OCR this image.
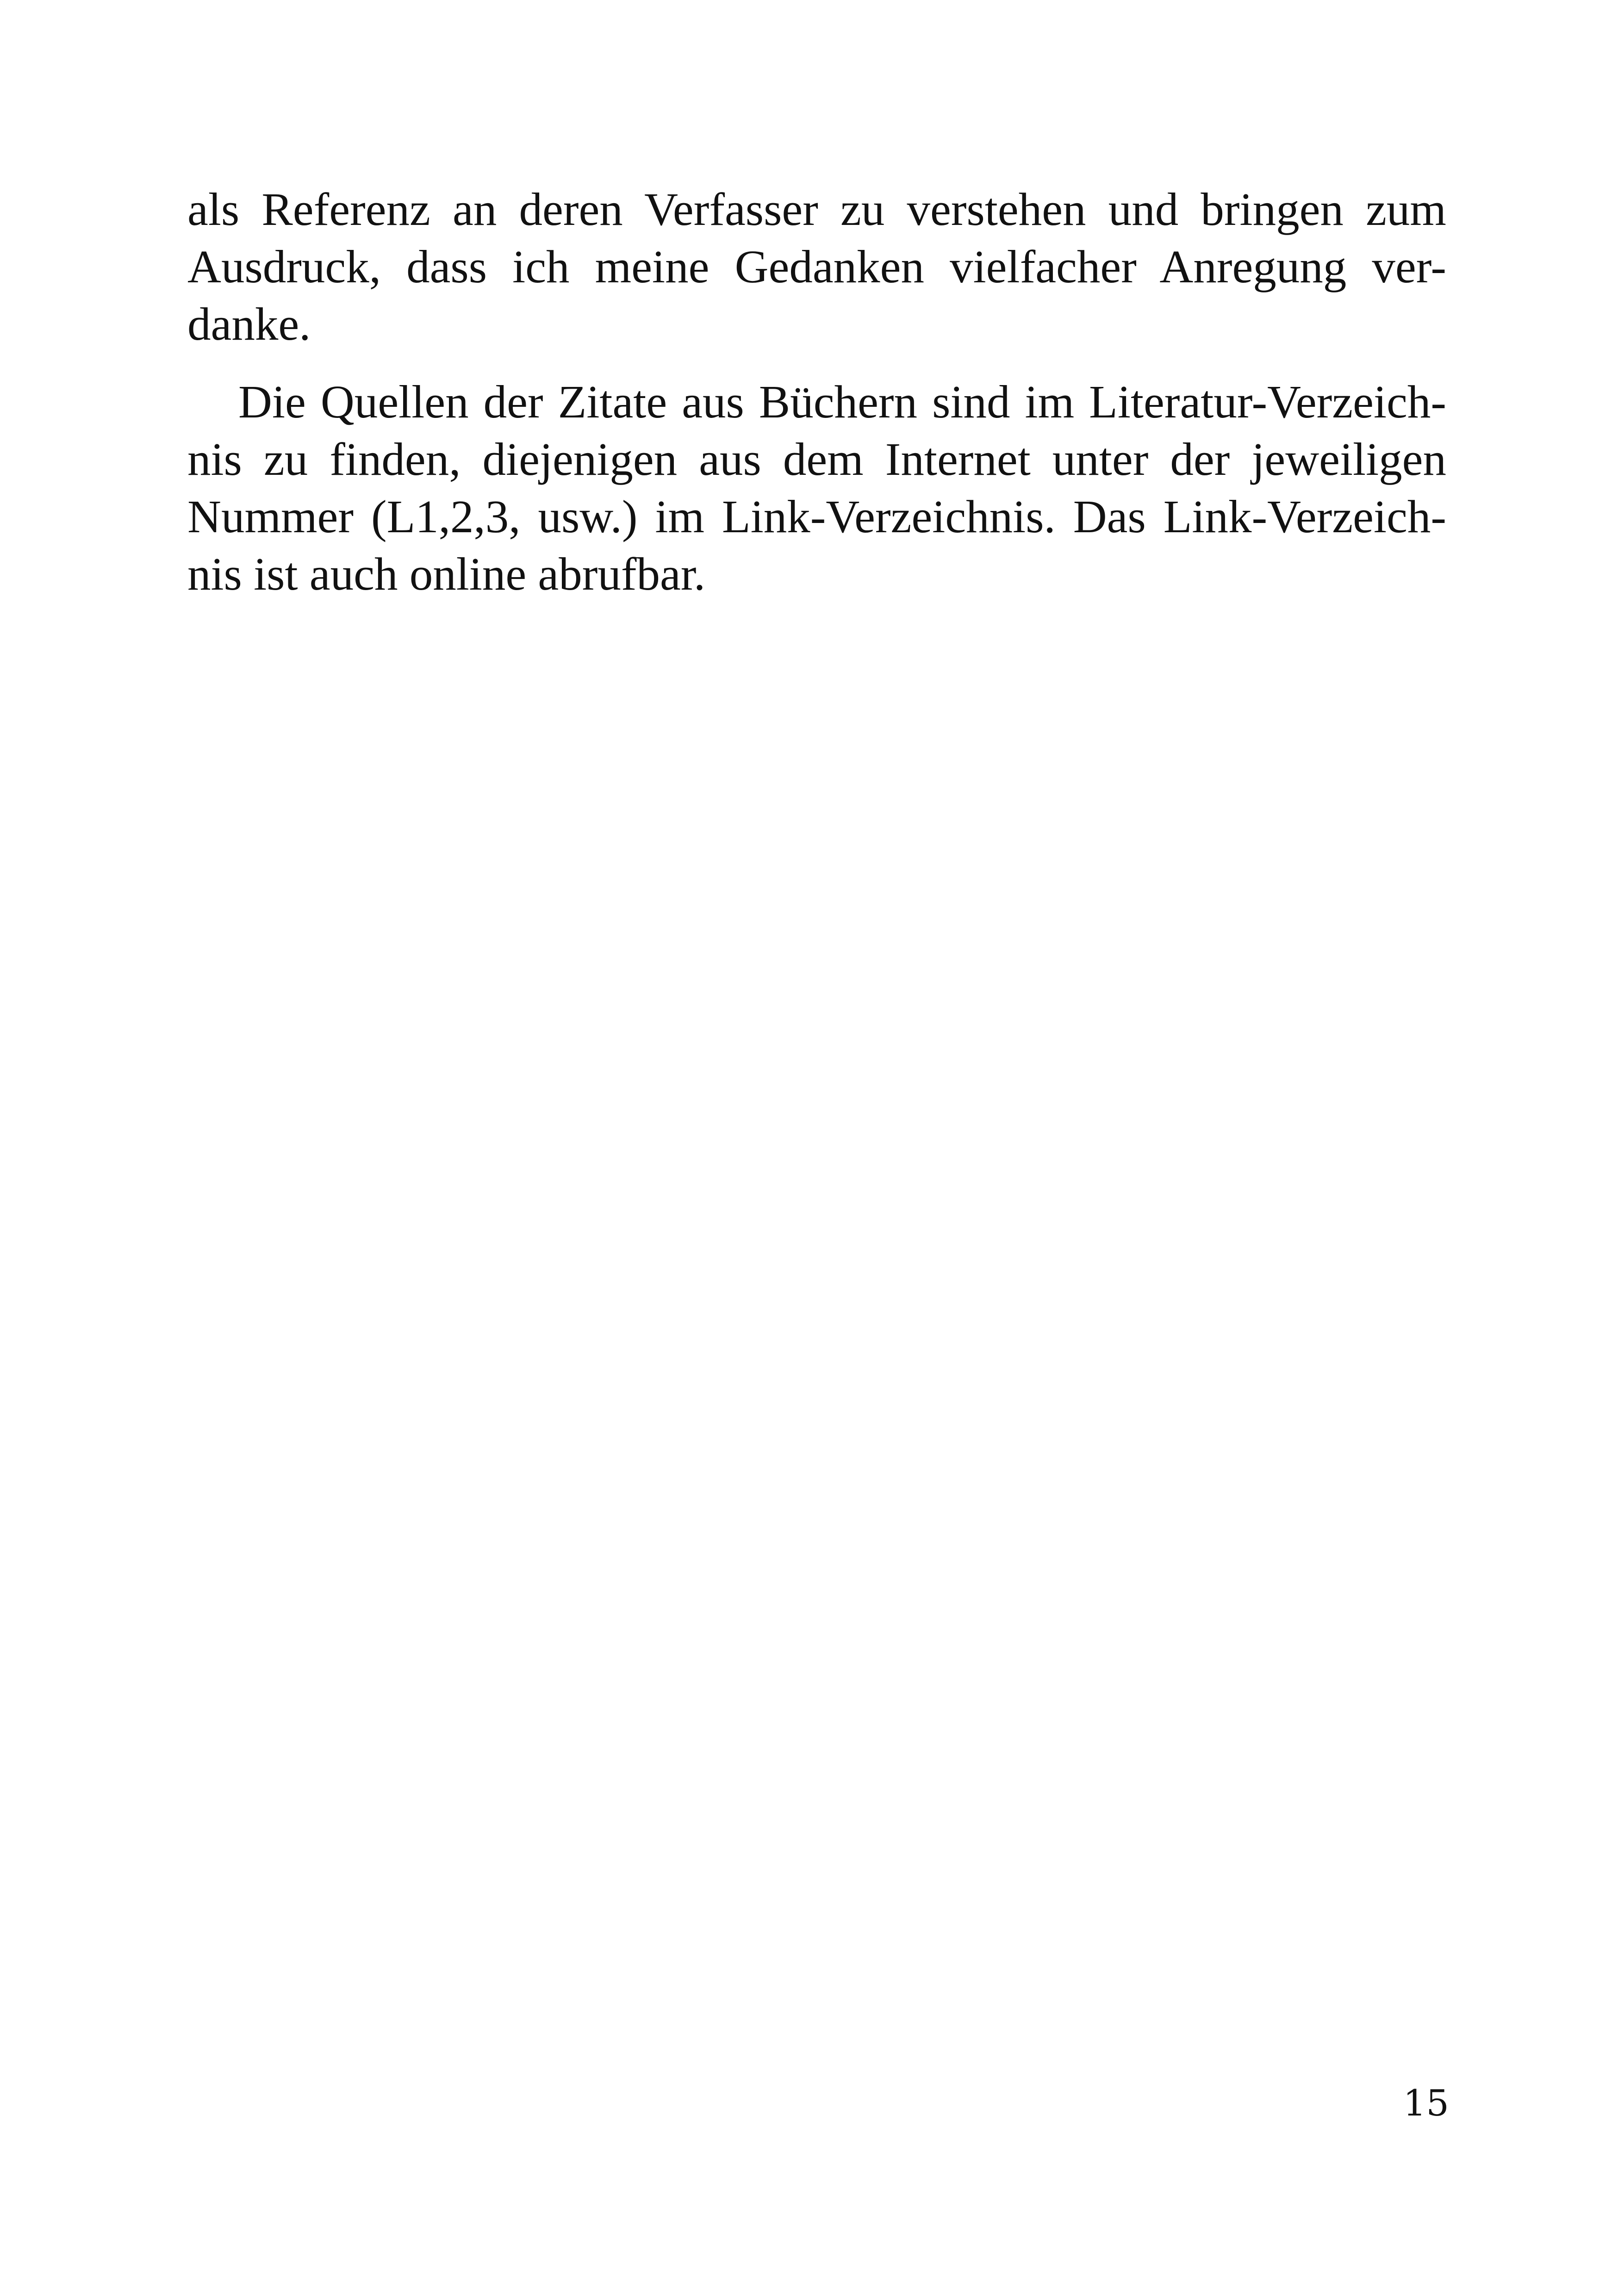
als Referenz an deren Verfasser zu verstehen und bringen zum
Ausdruck, dass ich meine Gedanken vielfacher Anregung ver-
danke.
Die Quellen der Zitate aus Büchern sind im Literatur-Verzeich-
nis zu finden, diejenigen aus dem Internet unter der jeweiligen
Nummer (L1,2,3, usw.) im Link-Verzeichnis. Das Link-Verzeich-
nis ist auch online abrufbar.
15
